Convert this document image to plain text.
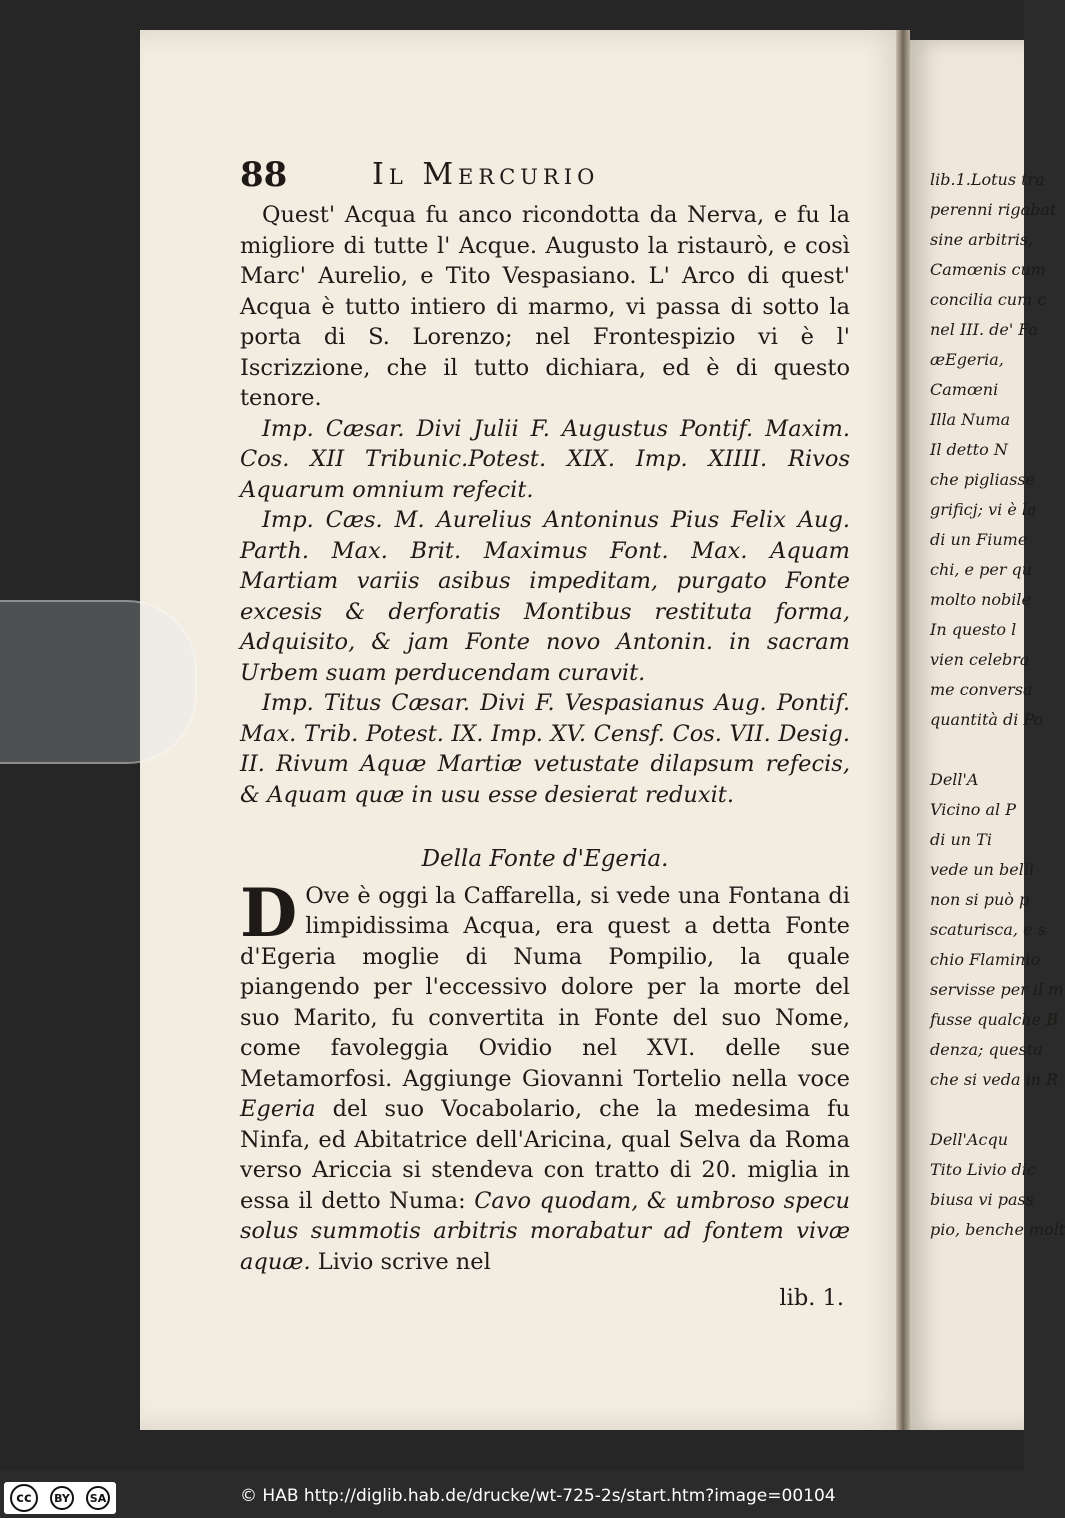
88	Il Mercurio

Quest' Acqua fu anco ricondotta da Nerva, e fu la migliore di tutte l' Acque. Augusto la ristaurò, e così Marc' Aurelio, e Tito Vespasiano. L' Arco di quest' Acqua è tutto intiero di marmo, vi passa di sotto la porta di S. Lorenzo; nel Frontespizio vi è l' Iscrizzione, che il tutto dichiara, ed è di questo tenore.

Imp. Cæsar. Divi Julii F. Augustus Pontif. Maxim. Cos. XII Tribunic.Potest. XIX. Imp. XIIII. Rivos Aquarum omnium refecit.

Imp. Cæs. M. Aurelius Antoninus Pius Felix Aug. Parth. Max. Brit. Maximus Font. Max. Aquam Martiam variis asibus impeditam, purgato Fonte excesis & derforatis Montibus restituta forma, Adquisito, & jam Fonte novo Antonin. in sacram Urbem suam perducendam curavit.

Imp. Titus Cæsar. Divi F. Vespasianus Aug. Pontif. Max. Trib. Potest. IX. Imp. XV. Censf. Cos. VII. Desig. II. Rivum Aquæ Martiæ vetustate dilapsum refecis, & Aquam quæ in usu esse desierat reduxit.

Della Fonte d'Egeria.

D Ove è oggi la Caffarella, si vede una Fontana di limpidissima Acqua, era quest a detta Fonte d'Egeria moglie di Numa Pompilio, la quale piangendo per l'eccessivo dolore per la morte del suo Marito, fu convertita in Fonte del suo Nome, come favoleggia Ovidio nel XVI. delle sue Metamorfosi. Aggiunge Giovanni Tortelio nella voce Egeria del suo Vocabolario, che la medesima fu Ninfa, ed Abitatrice dell'Aricina, qual Selva da Roma verso Ariccia si stendeva con tratto di 20. miglia in essa il detto Numa: Cavo quodam, & umbroso specu solus summotis arbitris morabatur ad fontem vivæ aquæ. Livio scrive nel

lib. 1.
lib.1.Lotus tra
perenni rigabat
sine arbitris,
Camœnis cum
concilia cum c
nel III. de' Fa
æEgeria,
Camœni
Illa Numa
Il detto N
che pigliasse
grificj; vi è la
di un Fiume
chi, e per qu
molto nobile
In questo l
vien celebra
me conversa
quantità di Po

Dell'A
Vicino al P
di un Ti
vede un belli
non si può p
scaturisca, e s
chio Flaminio
servisse per il m
fusse qualche B
denza; questa
che si veda in R

Dell'Acqu
Tito Livio dic
biusa vi pass
pio, benche molt
cc	BY	SA	© HAB http://diglib.hab.de/drucke/wt-725-2s/start.htm?image=00104
